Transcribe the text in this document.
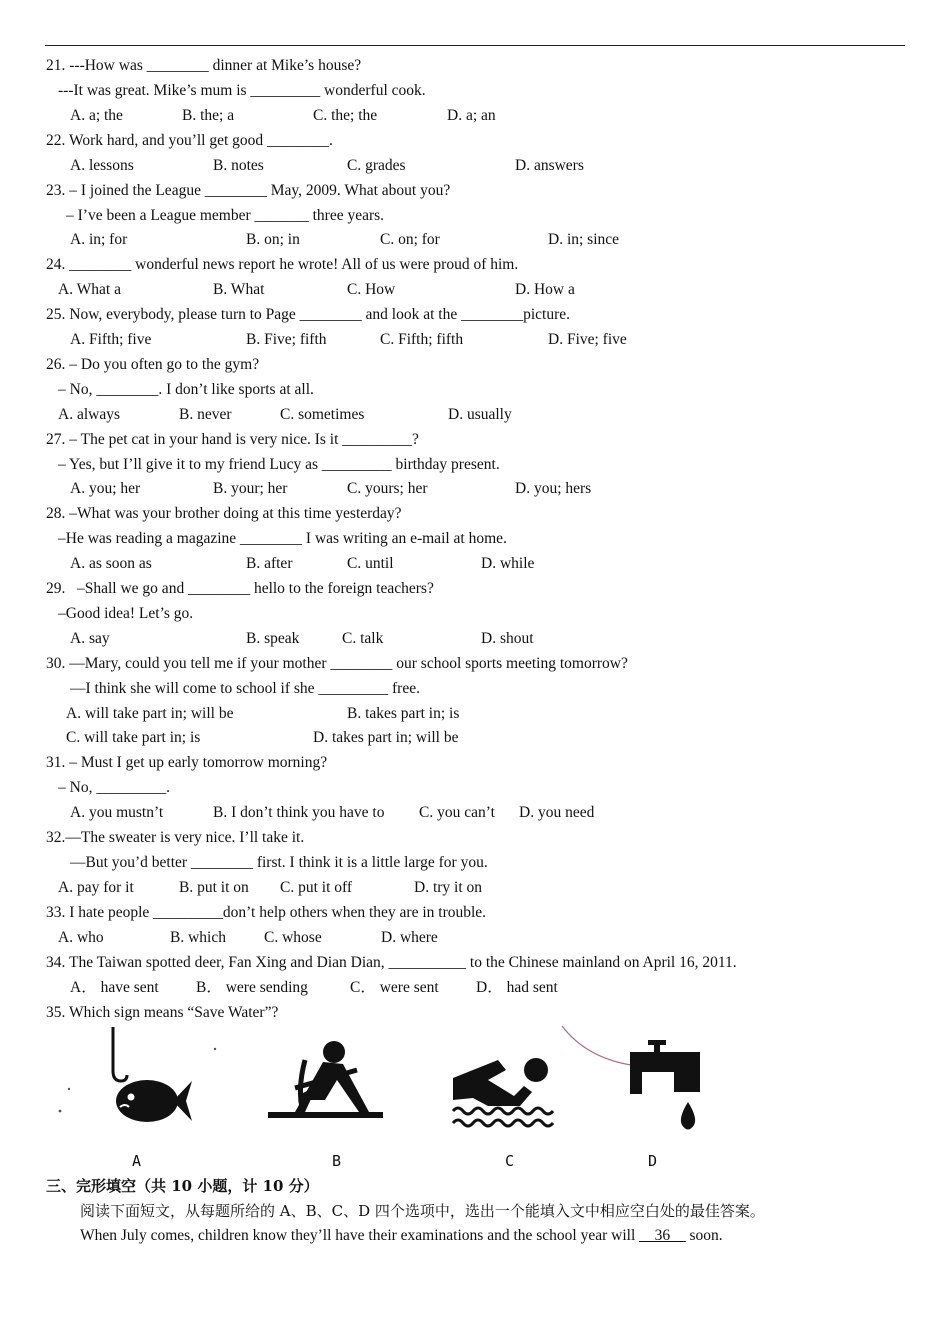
21. ---How was ________ dinner at Mike’s house?
---It was great. Mike’s mum is _________ wonderful cook.
A. a; the	B. the; a	C. the; the	D. a; an
22. Work hard, and you’ll get good ________.
A. lessons	B. notes	C. grades	D. answers
23. – I joined the League ________ May, 2009. What about you?
– I’ve been a League member _______ three years.
A. in; for	B. on; in	C. on; for	D. in; since
24. ________ wonderful news report he wrote! All of us were proud of him.
A. What a	B. What	C. How	D. How a
25. Now, everybody, please turn to Page ________ and look at the ________picture.
A. Fifth; five	B. Five; fifth	C. Fifth; fifth	D. Five; five
26. – Do you often go to the gym?
– No, ________. I don’t like sports at all.
A. always	B. never	C. sometimes	D. usually
27. – The pet cat in your hand is very nice. Is it _________?
– Yes, but I’ll give it to my friend Lucy as _________ birthday present.
A. you; her	B. your; her	C. yours; her	D. you; hers
28. –What was your brother doing at this time yesterday?
–He was reading a magazine ________ I was writing an e-mail at home.
A. as soon as	B. after	C. until	D. while
29.   –Shall we go and ________ hello to the foreign teachers?
–Good idea! Let’s go.
A. say	B. speak	C. talk	D. shout
30. —Mary, could you tell me if your mother ________ our school sports meeting tomorrow?
—I think she will come to school if she _________ free.
A. will take part in; will be	B. takes part in; is
C. will take part in; is	D. takes part in; will be
31. – Must I get up early tomorrow morning?
– No, _________.
A. you mustn’t	B. I don’t think you have to C. you can’t D. you need
32.—The sweater is very nice. I’ll take it.
—But you’d better ________ first. I think it is a little large for you.
A. pay for it	B. put it on C. put it off	D. try it on
33. I hate people _________don’t help others when they are in trouble.
A. who	B. which C. whose	D. where
34. The Taiwan spotted deer, Fan Xing and Dian Dian, __________ to the Chinese mainland on April 16, 2011.
A． have sent B． were sending	C． were sent D． had sent
35. Which sign means “Save Water”?
A	B	C	D
三、完形填空（共 10 小题，计 10 分）
阅读下面短文，从每题所给的 A、B、C、D 四个选项中，选出一个能填入文中相应空白处的最佳答案。
When July comes, children know they’ll have their examinations and the school year will __36__ soon.
